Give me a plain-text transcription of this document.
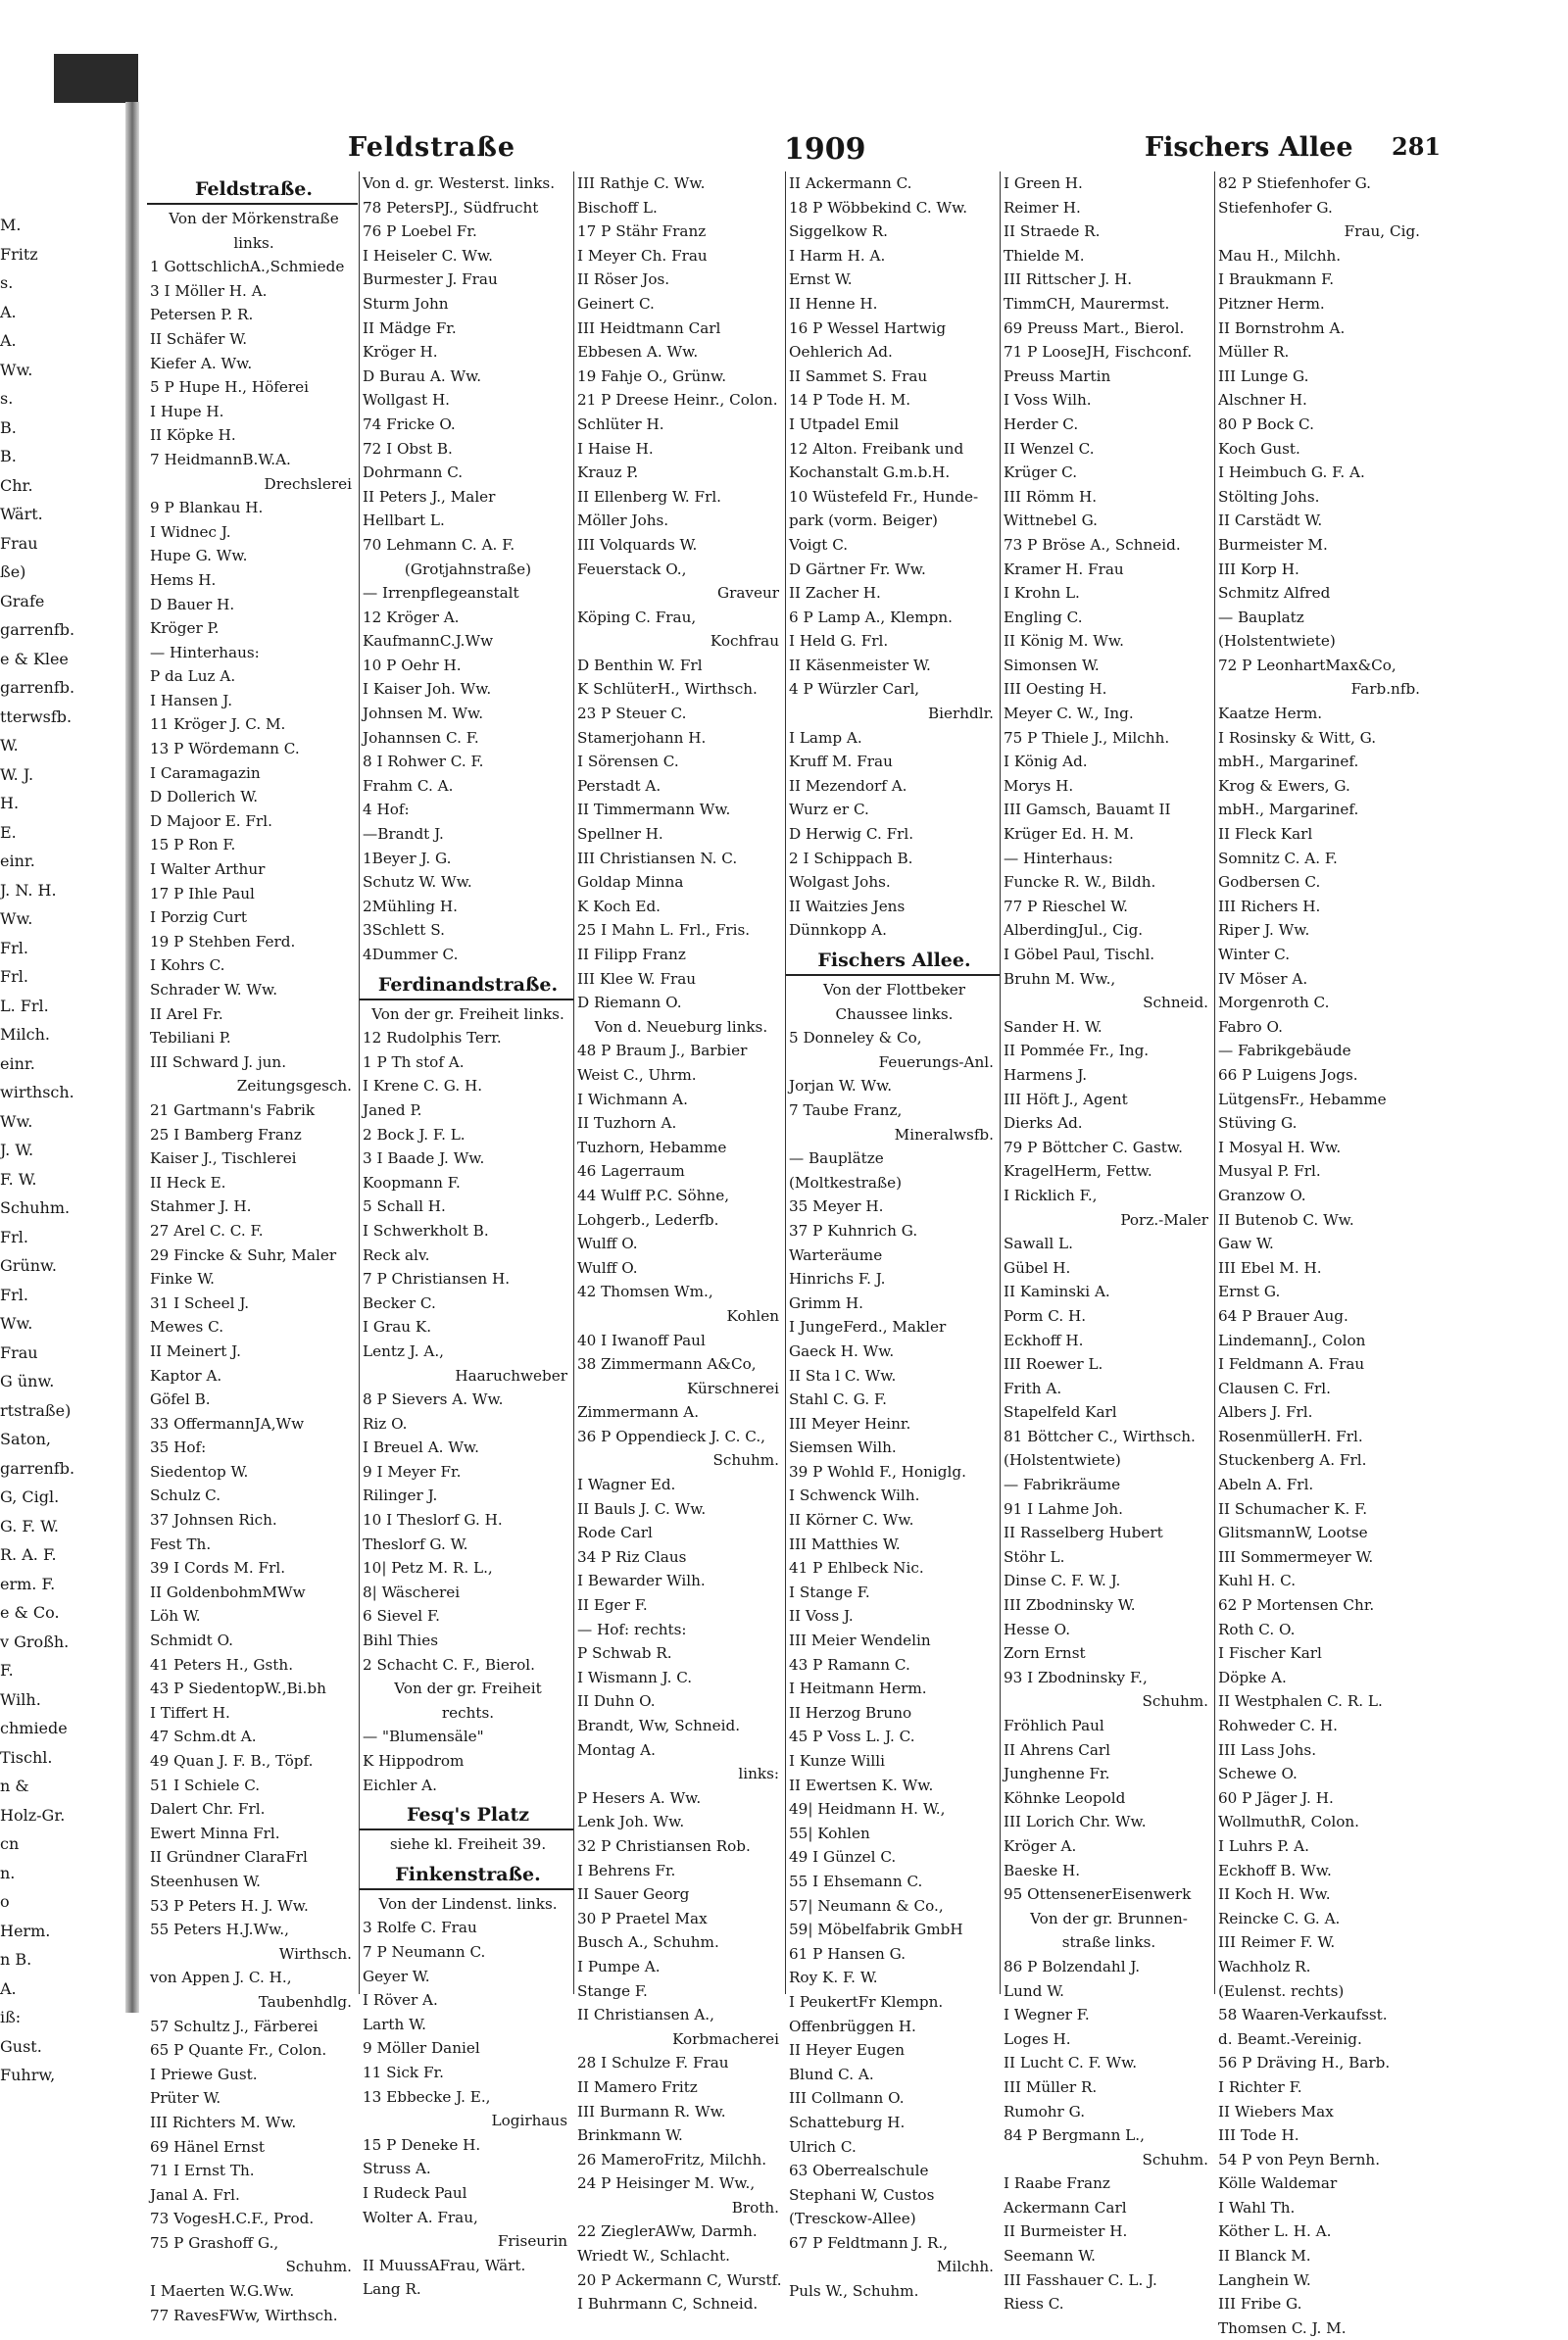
M.
Fritz
s.
A.
A.
Ww.
s.
B.
B.
Chr.
Wärt.
Frau
ße)
Grafe
garrenfb.
e & Klee
garrenfb.
tterwsfb.
W.
W. J.
H.
E.
einr.
J. N. H.
Ww.
Frl.
Frl.
L. Frl.
Milch.
einr.
wirthsch.
Ww.
J. W.
F. W.
Schuhm.
Frl.
Grünw.
Frl.
Ww.
Frau
G ünw.
rtstraße)
Saton,
garrenfb.
G, Cigl.
G. F. W.
R. A. F.
erm. F.
e & Co.
v Großh.
F.
Wilh.
chmiede
Tischl.
n &
Holz-Gr.
cn
n.
o
Herm.
n B.
A.
iß:
Gust.
Fuhrw,
Feldstraße	1909	Fischers Allee 281
Feldstraße.
Von der Mörkenstraße
links.
1 GottschlichA.,Schmiede
3 I Möller H. A.
Petersen P. R.
II Schäfer W.
Kiefer A. Ww.
5 P Hupe H., Höferei
I Hupe H.
II Köpke H.
7 HeidmannB.W.A.
Drechslerei
9 P Blankau H.
I Widnec J.
Hupe G. Ww.
Hems H.
D Bauer H.
Kröger P.
— Hinterhaus:
P da Luz A.
I Hansen J.
11 Kröger J. C. M.
13 P Wördemann C.
I Caramagazin
D Dollerich W.
D Majoor E. Frl.
15 P Ron F.
I Walter Arthur
17 P Ihle Paul
I Porzig Curt
19 P Stehben Ferd.
I Kohrs C.
Schrader W. Ww.
II Arel Fr.
Tebiliani P.
III Schward J. jun.
Zeitungsgesch.
21 Gartmann's Fabrik
25 I Bamberg Franz
Kaiser J., Tischlerei
II Heck E.
Stahmer J. H.
27 Arel C. C. F.
29 Fincke & Suhr, Maler
Finke W.
31 I Scheel J.
Mewes C.
II Meinert J.
Kaptor A.
Göfel B.
33 OffermannJA,Ww
35 Hof:
Siedentop W.
Schulz C.
37 Johnsen Rich.
Fest Th.
39 I Cords M. Frl.
II GoldenbohmMWw
Löh W.
Schmidt O.
41 Peters H., Gsth.
43 P SiedentopW.,Bi.bh
I Tiffert H.
47 Schm.dt A.
49 Quan J. F. B., Töpf.
51 I Schiele C.
Dalert Chr. Frl.
Ewert Minna Frl.
II Gründner ClaraFrl
Steenhusen W.
53 P Peters H. J. Ww.
55 Peters H.J.Ww.,
Wirthsch.
von Appen J. C. H.,
Taubenhdlg.
57 Schultz J., Färberei
65 P Quante Fr., Colon.
I Priewe Gust.
Prüter W.
III Richters M. Ww.
69 Hänel Ernst
71 I Ernst Th.
Janal A. Frl.
73 VogesH.C.F., Prod.
75 P Grashoff G.,
Schuhm.
I Maerten W.G.Ww.
77 RavesFWw, Wirthsch.
Von d. gr. Westerst. links.
78 PetersPJ., Südfrucht
76 P Loebel Fr.
I Heiseler C. Ww.
Burmester J. Frau
Sturm John
II Mädge Fr.
Kröger H.
D Burau A. Ww.
Wollgast H.
74 Fricke O.
72 I Obst B.
Dohrmann C.
II Peters J., Maler
Hellbart L.
70 Lehmann C. A. F.
(Grotjahnstraße)
— Irrenpflegeanstalt
12 Kröger A.
KaufmannC.J.Ww
10 P Oehr H.
I Kaiser Joh. Ww.
Johnsen M. Ww.
Johannsen C. F.
8 I Rohwer C. F.
Frahm C. A.
4 Hof:
—Brandt J.
1Beyer J. G.
Schutz W. Ww.
2Mühling H.
3Schlett S.
4Dummer C.
Ferdinandstraße.
Von der gr. Freiheit links.
12 Rudolphis Terr.
1 P Th stof A.
I Krene C. G. H.
Janed P.
2 Bock J. F. L.
3 I Baade J. Ww.
Koopmann F.
5 Schall H.
I Schwerkholt B.
Reck alv.
7 P Christiansen H.
Becker C.
I Grau K.
Lentz J. A.,
Haaruchweber
8 P Sievers A. Ww.
Riz O.
I Breuel A. Ww.
9 I Meyer Fr.
Rilinger J.
10 I Theslorf G. H.
Theslorf G. W.
10| Petz M. R. L.,
8| Wäscherei
6 Sievel F.
Bihl Thies
2 Schacht C. F., Bierol.
Von der gr. Freiheit
rechts.
— "Blumensäle"
K Hippodrom
Eichler A.
Fesq's Platz
siehe kl. Freiheit 39.
Finkenstraße.
Von der Lindenst. links.
3 Rolfe C. Frau
7 P Neumann C.
Geyer W.
I Röver A.
Larth W.
9 Möller Daniel
11 Sick Fr.
13 Ebbecke J. E.,
Logirhaus
15 P Deneke H.
Struss A.
I Rudeck Paul
Wolter A. Frau,
Friseurin
II MuussAFrau, Wärt.
Lang R.
III Rathje C. Ww.
Bischoff L.
17 P Stähr Franz
I Meyer Ch. Frau
II Röser Jos.
Geinert C.
III Heidtmann Carl
Ebbesen A. Ww.
19 Fahje O., Grünw.
21 P Dreese Heinr., Colon.
Schlüter H.
I Haise H.
Krauz P.
II Ellenberg W. Frl.
Möller Johs.
III Volquards W.
Feuerstack O.,
Graveur
Köping C. Frau,
Kochfrau
D Benthin W. Frl
K SchlüterH., Wirthsch.
23 P Steuer C.
Stamerjohann H.
I Sörensen C.
Perstadt A.
II Timmermann Ww.
Spellner H.
III Christiansen N. C.
Goldap Minna
K Koch Ed.
25 I Mahn L. Frl., Fris.
II Filipp Franz
III Klee W. Frau
D Riemann O.
Von d. Neueburg links.
48 P Braum J., Barbier
Weist C., Uhrm.
I Wichmann A.
II Tuzhorn A.
Tuzhorn, Hebamme
46 Lagerraum
44 Wulff P.C. Söhne,
Lohgerb., Lederfb.
Wulff O.
Wulff O.
42 Thomsen Wm.,
Kohlen
40 I Iwanoff Paul
38 Zimmermann A&Co,
Kürschnerei
Zimmermann A.
36 P Oppendieck J. C. C.,
Schuhm.
I Wagner Ed.
II Bauls J. C. Ww.
Rode Carl
34 P Riz Claus
I Bewarder Wilh.
II Eger F.
— Hof: rechts:
P Schwab R.
I Wismann J. C.
II Duhn O.
Brandt, Ww, Schneid.
Montag A.
links:
P Hesers A. Ww.
Lenk Joh. Ww.
32 P Christiansen Rob.
I Behrens Fr.
II Sauer Georg
30 P Praetel Max
Busch A., Schuhm.
I Pumpe A.
Stange F.
II Christiansen A.,
Korbmacherei
28 I Schulze F. Frau
II Mamero Fritz
III Burmann R. Ww.
Brinkmann W.
26 MameroFritz, Milchh.
24 P Heisinger M. Ww.,
Broth.
22 ZieglerAWw, Darmh.
Wriedt W., Schlacht.
20 P Ackermann C, Wurstf.
I Buhrmann C, Schneid.
II Ackermann C.
18 P Wöbbekind C. Ww.
Siggelkow R.
I Harm H. A.
Ernst W.
II Henne H.
16 P Wessel Hartwig
Oehlerich Ad.
II Sammet S. Frau
14 P Tode H. M.
I Utpadel Emil
12 Alton. Freibank und
Kochanstalt G.m.b.H.
10 Wüstefeld Fr., Hunde-
park (vorm. Beiger)
Voigt C.
D Gärtner Fr. Ww.
II Zacher H.
6 P Lamp A., Klempn.
I Held G. Frl.
II Käsenmeister W.
4 P Würzler Carl,
Bierhdlr.
I Lamp A.
Kruff M. Frau
II Mezendorf A.
Wurz er C.
D Herwig C. Frl.
2 I Schippach B.
Wolgast Johs.
II Waitzies Jens
Dünnkopp A.
Fischers Allee.
Von der Flottbeker
Chaussee links.
5 Donneley & Co,
Feuerungs-Anl.
Jorjan W. Ww.
7 Taube Franz,
Mineralwsfb.
— Bauplätze
(Moltkestraße)
35 Meyer H.
37 P Kuhnrich G.
Warteräume
Hinrichs F. J.
Grimm H.
I JungeFerd., Makler
Gaeck H. Ww.
II Sta l C. Ww.
Stahl C. G. F.
III Meyer Heinr.
Siemsen Wilh.
39 P Wohld F., Honiglg.
I Schwenck Wilh.
II Körner C. Ww.
III Matthies W.
41 P Ehlbeck Nic.
I Stange F.
II Voss J.
III Meier Wendelin
43 P Ramann C.
I Heitmann Herm.
II Herzog Bruno
45 P Voss L. J. C.
I Kunze Willi
II Ewertsen K. Ww.
49| Heidmann H. W.,
55| Kohlen
49 I Günzel C.
55 I Ehsemann C.
57| Neumann & Co.,
59| Möbelfabrik GmbH
61 P Hansen G.
Roy K. F. W.
I PeukertFr Klempn.
Offenbrüggen H.
II Heyer Eugen
Blund C. A.
III Collmann O.
Schatteburg H.
Ulrich C.
63 Oberrealschule
Stephani W, Custos
(Tresckow-Allee)
67 P Feldtmann J. R.,
Milchh.
Puls W., Schuhm.
I Green H.
Reimer H.
II Straede R.
Thielde M.
III Rittscher J. H.
TimmCH, Maurermst.
69 Preuss Mart., Bierol.
71 P LooseJH, Fischconf.
Preuss Martin
I Voss Wilh.
Herder C.
II Wenzel C.
Krüger C.
III Römm H.
Wittnebel G.
73 P Bröse A., Schneid.
Kramer H. Frau
I Krohn L.
Engling C.
II König M. Ww.
Simonsen W.
III Oesting H.
Meyer C. W., Ing.
75 P Thiele J., Milchh.
I König Ad.
Morys H.
III Gamsch, Bauamt II
Krüger Ed. H. M.
— Hinterhaus:
Funcke R. W., Bildh.
77 P Rieschel W.
AlberdingJul., Cig.
I Göbel Paul, Tischl.
Bruhn M. Ww.,
Schneid.
Sander H. W.
II Pommée Fr., Ing.
Harmens J.
III Höft J., Agent
Dierks Ad.
79 P Böttcher C. Gastw.
KragelHerm, Fettw.
I Ricklich F.,
Porz.-Maler
Sawall L.
Gübel H.
II Kaminski A.
Porm C. H.
Eckhoff H.
III Roewer L.
Frith A.
Stapelfeld Karl
81 Böttcher C., Wirthsch.
(Holstentwiete)
— Fabrikräume
91 I Lahme Joh.
II Rasselberg Hubert
Stöhr L.
Dinse C. F. W. J.
III Zbodninsky W.
Hesse O.
Zorn Ernst
93 I Zbodninsky F.,
Schuhm.
Fröhlich Paul
II Ahrens Carl
Junghenne Fr.
Köhnke Leopold
III Lorich Chr. Ww.
Kröger A.
Baeske H.
95 OttensenerEisenwerk
Von der gr. Brunnen-
straße links.
86 P Bolzendahl J.
Lund W.
I Wegner F.
Loges H.
II Lucht C. F. Ww.
III Müller R.
Rumohr G.
84 P Bergmann L.,
Schuhm.
I Raabe Franz
Ackermann Carl
II Burmeister H.
Seemann W.
III Fasshauer C. L. J.
Riess C.
82 P Stiefenhofer G.
Stiefenhofer G.
Frau, Cig.
Mau H., Milchh.
I Braukmann F.
Pitzner Herm.
II Bornstrohm A.
Müller R.
III Lunge G.
Alschner H.
80 P Bock C.
Koch Gust.
I Heimbuch G. F. A.
Stölting Johs.
II Carstädt W.
Burmeister M.
III Korp H.
Schmitz Alfred
— Bauplatz
(Holstentwiete)
72 P LeonhartMax&Co,
Farb.nfb.
Kaatze Herm.
I Rosinsky & Witt, G.
mbH., Margarinef.
Krog & Ewers, G.
mbH., Margarinef.
II Fleck Karl
Somnitz C. A. F.
Godbersen C.
III Richers H.
Riper J. Ww.
Winter C.
IV Möser A.
Morgenroth C.
Fabro O.
— Fabrikgebäude
66 P Luigens Jogs.
LütgensFr., Hebamme
Stüving G.
I Mosyal H. Ww.
Musyal P. Frl.
Granzow O.
II Butenob C. Ww.
Gaw W.
III Ebel M. H.
Ernst G.
64 P Brauer Aug.
LindemannJ., Colon
I Feldmann A. Frau
Clausen C. Frl.
Albers J. Frl.
RosenmüllerH. Frl.
Stuckenberg A. Frl.
Abeln A. Frl.
II Schumacher K. F.
GlitsmannW, Lootse
III Sommermeyer W.
Kuhl H. C.
62 P Mortensen Chr.
Roth C. O.
I Fischer Karl
Döpke A.
II Westphalen C. R. L.
Rohweder C. H.
III Lass Johs.
Schewe O.
60 P Jäger J. H.
WollmuthR, Colon.
I Luhrs P. A.
Eckhoff B. Ww.
II Koch H. Ww.
Reincke C. G. A.
III Reimer F. W.
Wachholz R.
(Eulenst. rechts)
58 Waaren-Verkaufsst.
d. Beamt.-Vereinig.
56 P Dräving H., Barb.
I Richter F.
II Wiebers Max
III Tode H.
54 P von Peyn Bernh.
Kölle Waldemar
I Wahl Th.
Köther L. H. A.
II Blanck M.
Langhein W.
III Fribe G.
Thomsen C. J. M.
